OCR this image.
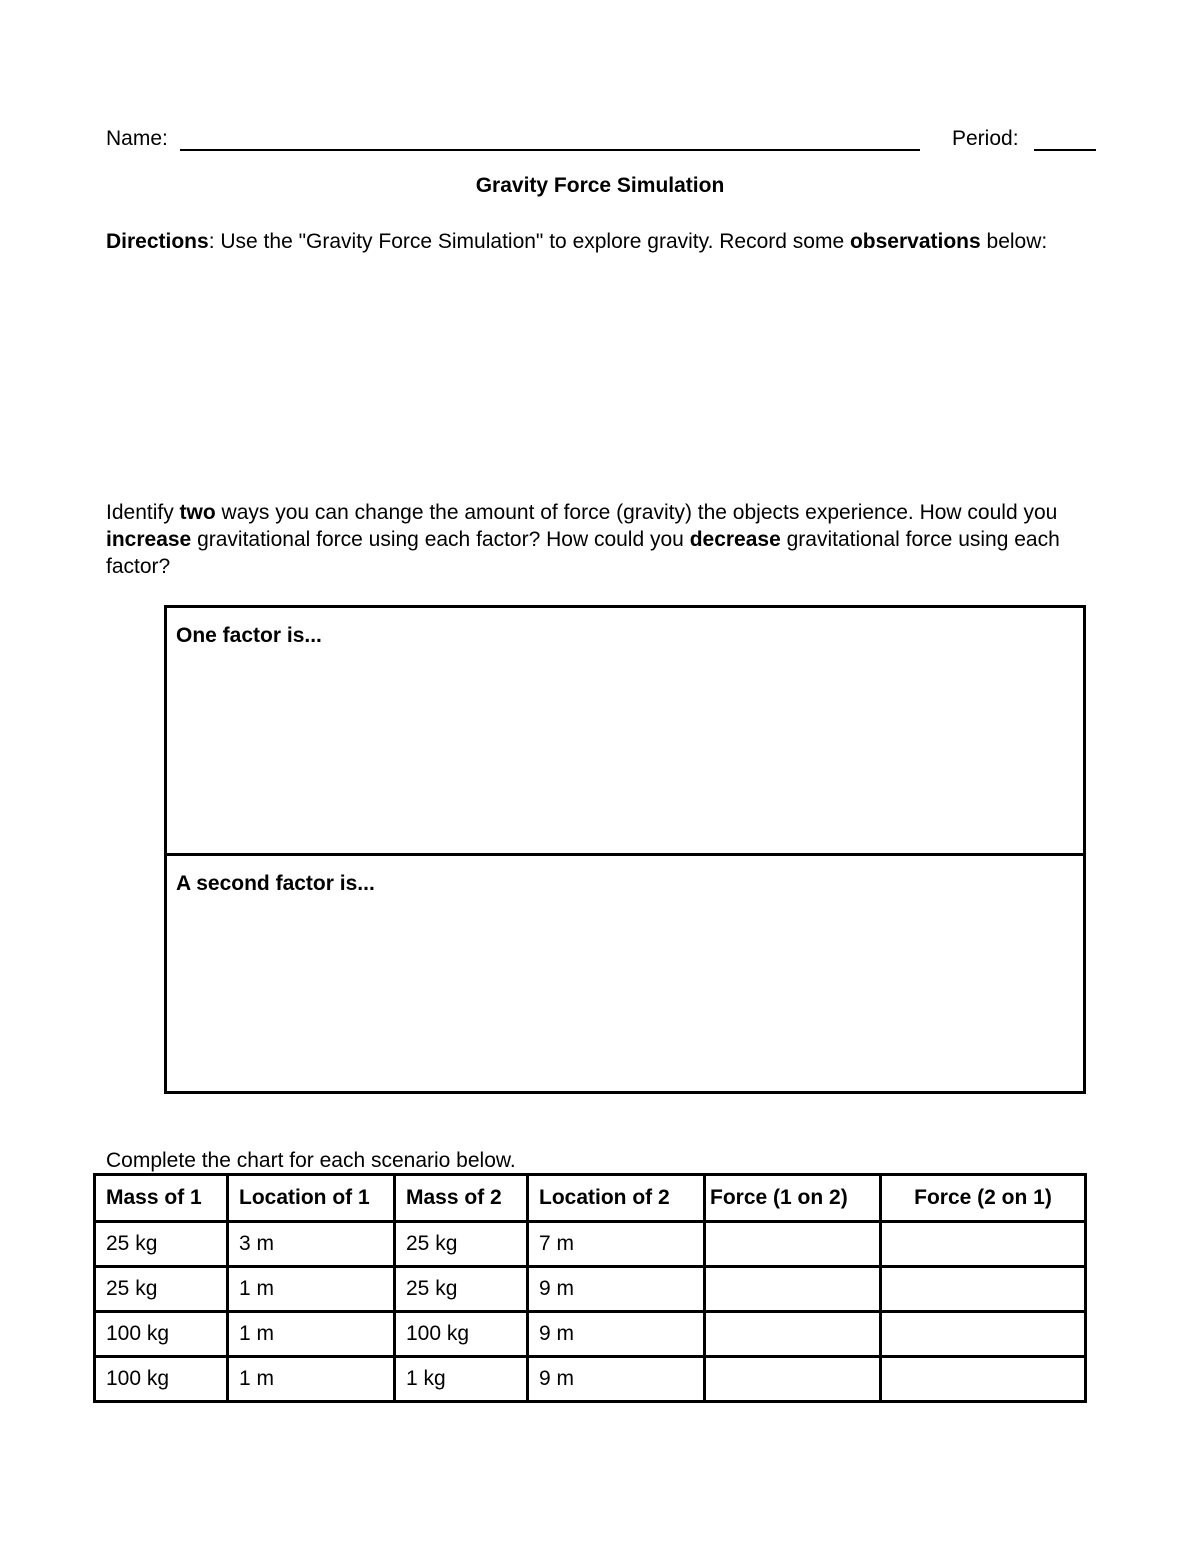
Name:	Period:
Gravity Force Simulation
Directions: Use the "Gravity Force Simulation" to explore gravity. Record some observations below:
Identify two ways you can change the amount of force (gravity) the objects experience. How could you increase gravitational force using each factor? How could you decrease gravitational force using each factor?
One factor is...
A second factor is...
Complete the chart for each scenario below.
Mass of 1	Location of 1	Mass of 2	Location of 2	Force (1 on 2)	Force (2 on 1)
25 kg	3 m	25 kg	7 m		
25 kg	1 m	25 kg	9 m		
100 kg	1 m	100 kg	9 m		
100 kg	1 m	1 kg	9 m		
